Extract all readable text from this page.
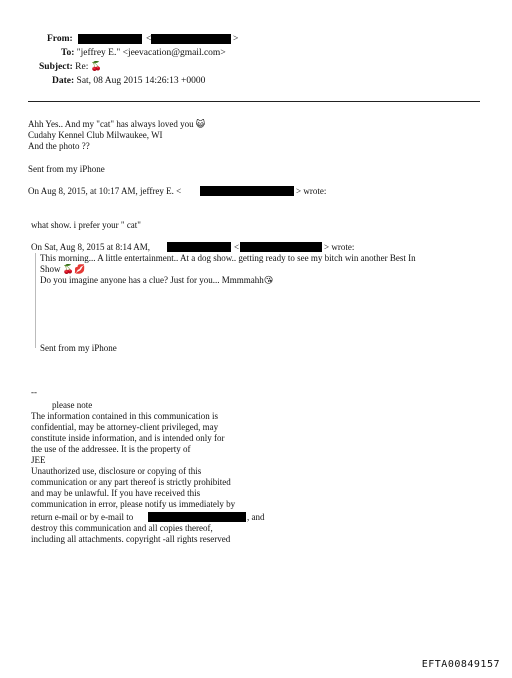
From:	<	>
To: "jeffrey E." <jeevacation@gmail.com>
Subject: Re: 🍒
Date: Sat, 08 Aug 2015 14:26:13 +0000
Ahh Yes.. And my "cat" has always loved you 😺
Cudahy Kennel Club Milwaukee, WI
And the photo ??
Sent from my iPhone
On Aug 8, 2015, at 10:17 AM, jeffrey E. <	> wrote:
what show. i prefer your " cat"
On Sat, Aug 8, 2015 at 8:14 AM,	<	> wrote:
This morning... A little entertainment.. At a dog show.. getting ready to see my bitch win another Best In
Show 🍒💋
Do you imagine anyone has a clue? Just for you... Mmmmahh😘
Sent from my iPhone
--
please note
The information contained in this communication is
confidential, may be attorney-client privileged, may
constitute inside information, and is intended only for
the use of the addressee. It is the property of
JEE
Unauthorized use, disclosure or copying of this
communication or any part thereof is strictly prohibited
and may be unlawful. If you have received this
communication in error, please notify us immediately by
return e-mail or by e-mail to	, and
destroy this communication and all copies thereof,
including all attachments. copyright -all rights reserved
EFTA00849157
